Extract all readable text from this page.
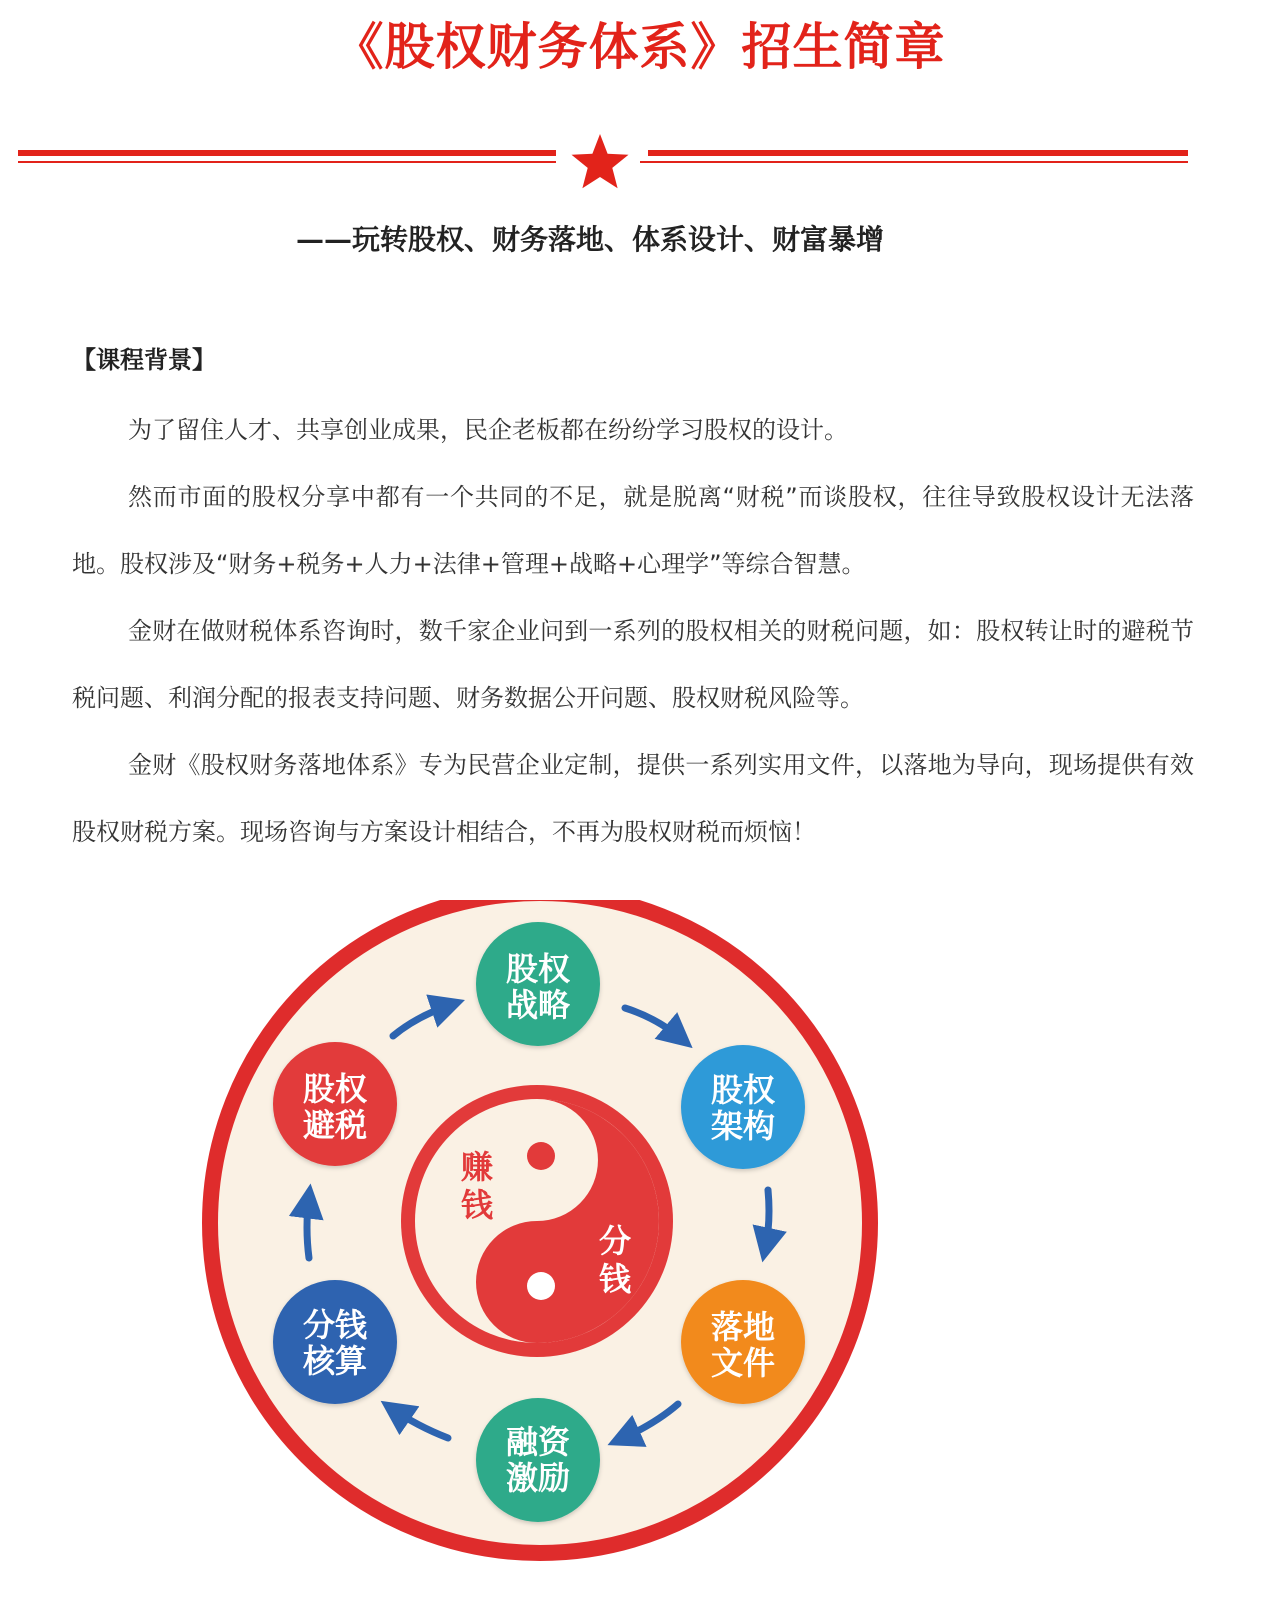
《股权财务体系》招生简章
——玩转股权、财务落地、体系设计、财富暴增
【课程背景】
为了留住人才、共享创业成果，民企老板都在纷纷学习股权的设计。
然而市面的股权分享中都有一个共同的不足，就是脱离“财税”而谈股权，往往导致股权设计无法落地。股权涉及“财务+税务+人力+法律+管理+战略+心理学”等综合智慧。
金财在做财税体系咨询时，数千家企业问到一系列的股权相关的财税问题，如：股权转让时的避税节税问题、利润分配的报表支持问题、财务数据公开问题、股权财税风险等。
金财《股权财务落地体系》专为民营企业定制，提供一系列实用文件，以落地为导向，现场提供有效股权财税方案。现场咨询与方案设计相结合，不再为股权财税而烦恼！
赚
钱
分
钱
股权
战略
股权
架构
落地
文件
融资
激励
分钱
核算
股权
避税
